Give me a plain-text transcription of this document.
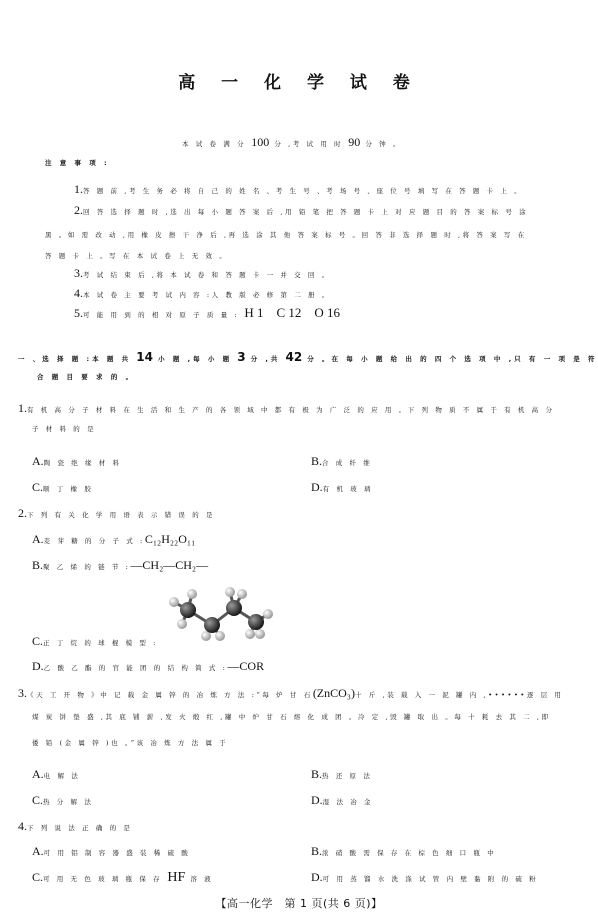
高 一 化 学 试 卷
本 试 卷 满 分 100 分 ,考 试 用 时 90 分 钟 。
注 意 事 项 :
1.答 题 前 ,考 生 务 必 将 自 己 的 姓 名 、考 生 号 、考 场 号 、座 位 号 填 写 在 答 题 卡 上 。
2.回 答 选 择 题 时 ,选 出 每 小 题 答 案 后 ,用 铅 笔 把 答 题 卡 上 对 应 题 目 的 答 案 标 号 涂
黑 。如 需 改 动 ,用 橡 皮 擦 干 净 后 ,再 选 涂 其 他 答 案 标 号 。回 答 非 选 择 题 时 ,将 答 案 写 在
答 题 卡 上 。写 在 本 试 卷 上 无 效 。
3.考 试 结 束 后 ,将 本 试 卷 和 答 题 卡 一 并 交 回 。
4.本 试 卷 主 要 考 试 内 容 :人 教 版 必 修 第 二 册 。
5.可 能 用 到 的 相 对 原 子 质 量 : H 1　C 12　O 16
一 、选 择 题 :本 题 共 14 小 题 ,每 小 题 3 分 ,共 42 分 。在 每 小 题 给 出 的 四 个 选 项 中 ,只 有 一 项 是 符
合 题 目 要 求 的 。
1.有 机 高 分 子 材 料 在 生 活 和 生 产 的 各 领 域 中 都 有 极 为 广 泛 的 应 用 。下 列 物 质 不 属 于 有 机 高 分
子 材 料 的 是
A.陶 瓷 绝 缘 材 料	B.合 成 纤 维
C.顺 丁 橡 胶	D.有 机 玻 璃
2.下 列 有 关 化 学 用 语 表 示 错 误 的 是
A.麦 芽 糖 的 分 子 式 :C₁₂H₂₂O₁₁
B.聚 乙 烯 的 链 节 :—CH₂—CH₂—
C.正 丁 烷 的 球 棍 模 型 :
D.乙 酸 乙 酯 的 官 能 团 的 结 构 简 式 :—COR
3.《天 工 开 物 》中 记 载 金 属 锌 的 冶 炼 方 法 :“每 炉 甘 石(ZnCO₃)十 斤 ,装 载 入 一 泥 罐 内 ,••••••逐 层 用
煤 炭 饼 垫 盛 ,其 底 铺 薪 ,发 火 煅 红 ,罐 中 炉 甘 石 熔 化 成 团 。冷 定 ,毁 罐 取 出 。每 十 耗 去 其 二 ,即
倭 铅 (金 属 锌 )也 。”该 冶 炼 方 法 属 于
A.电 解 法	B.热 还 原 法
C.热 分 解 法	D.湿 法 冶 金
4.下 列 说 法 正 确 的 是
A.可 用 铝 制 容 器 盛 装 稀 硫 酸	B.浓 硝 酸 需 保 存 在 棕 色 细 口 瓶 中
C.可 用 无 色 玻 璃 瓶 保 存 HF 溶 液	D.可 用 蒸 馏 水 洗 涤 试 管 内 壁 黏 附 的 硫 粉
【高一化学　第 1 页(共 6 页)】
